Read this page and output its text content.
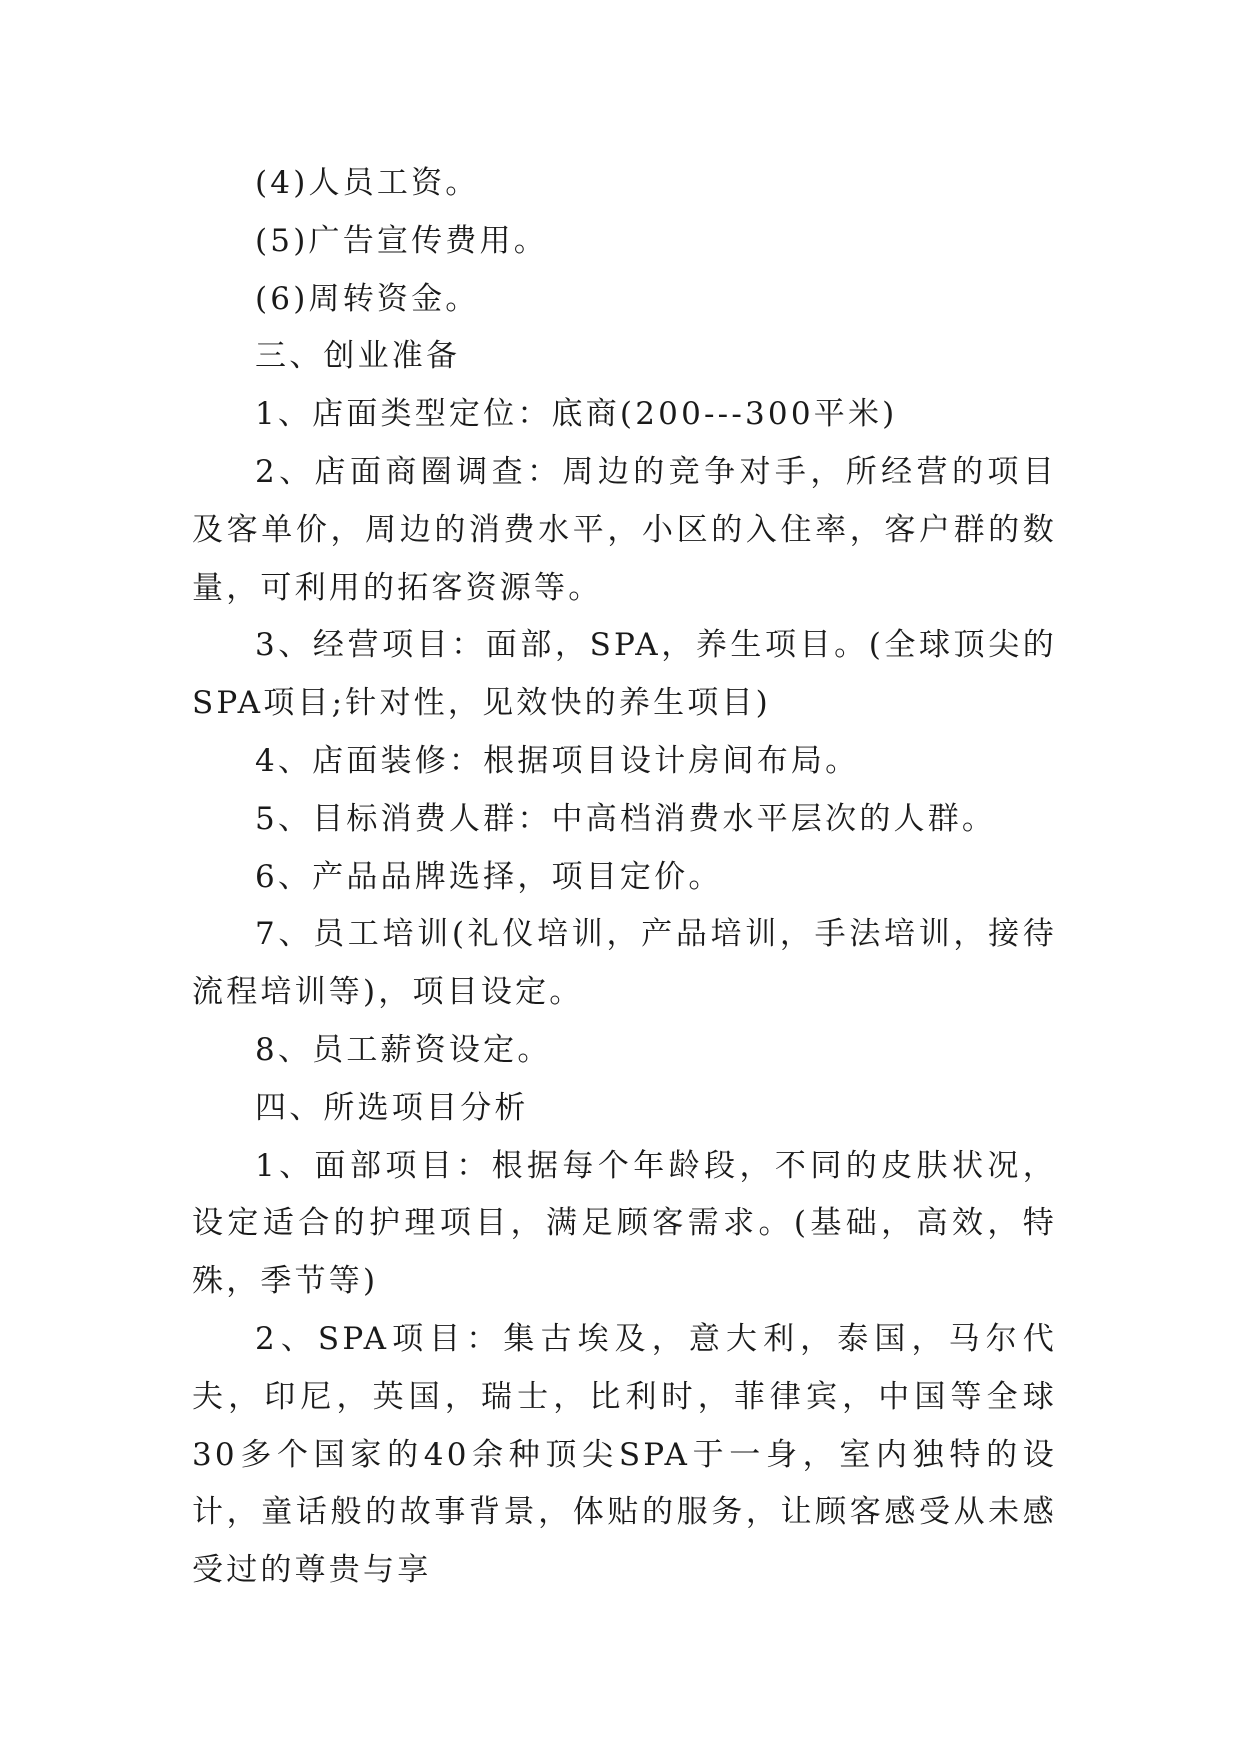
(4)人员工资。

(5)广告宣传费用。

(6)周转资金。

三、创业准备

1、店面类型定位：底商(200---300平米)

2、店面商圈调查：周边的竞争对手，所经营的项目及客单价，周边的消费水平，小区的入住率，客户群的数量，可利用的拓客资源等。

3、经营项目：面部，SPA，养生项目。(全球顶尖的SPA项目;针对性，见效快的养生项目)

4、店面装修：根据项目设计房间布局。

5、目标消费人群：中高档消费水平层次的人群。

6、产品品牌选择，项目定价。

7、员工培训(礼仪培训，产品培训，手法培训，接待流程培训等)，项目设定。

8、员工薪资设定。

四、所选项目分析

1、面部项目：根据每个年龄段，不同的皮肤状况，设定适合的护理项目，满足顾客需求。(基础，高效，特殊，季节等)

2、SPA项目：集古埃及，意大利，泰国，马尔代夫，印尼，英国，瑞士，比利时，菲律宾，中国等全球30多个国家的40余种顶尖SPA于一身，室内独特的设计，童话般的故事背景，体贴的服务，让顾客感受从未感受过的尊贵与享
